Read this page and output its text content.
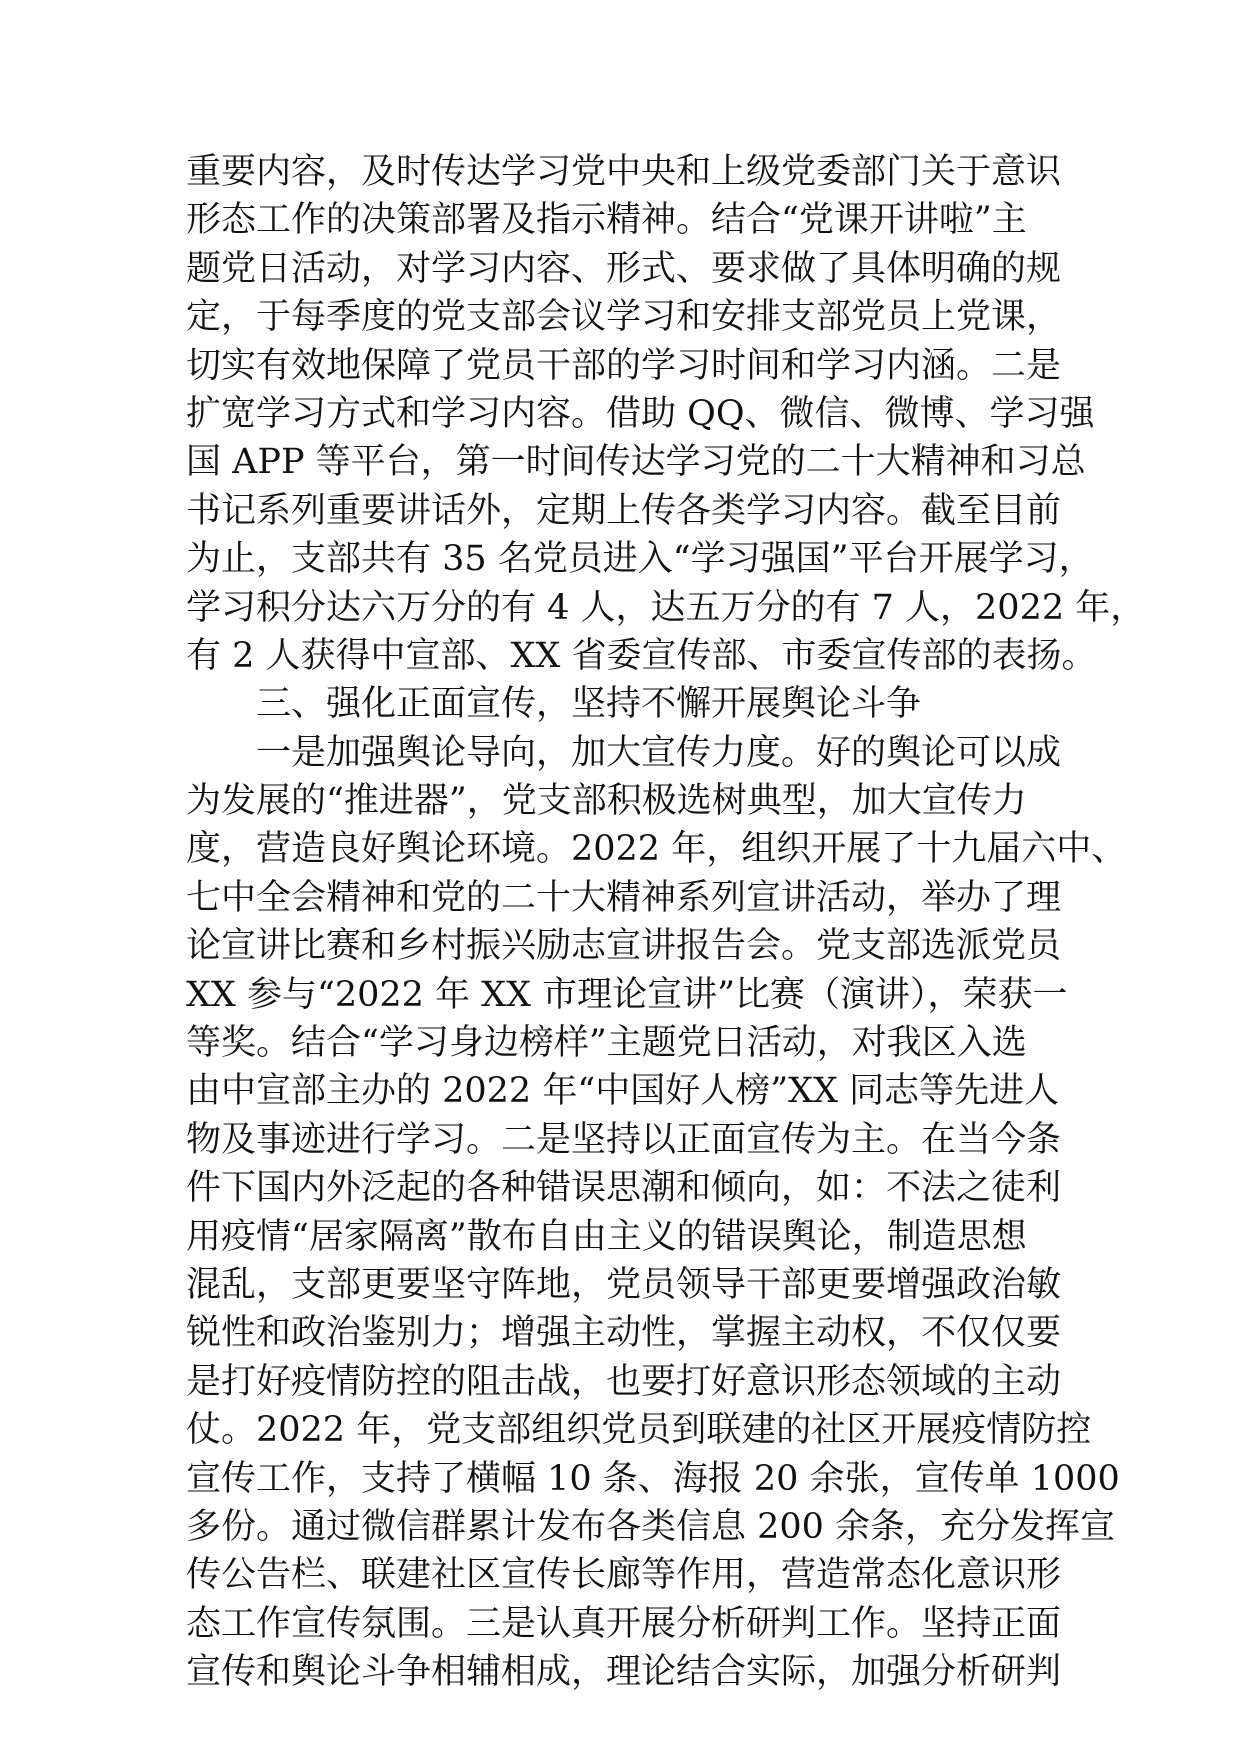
重要内容，及时传达学习党中央和上级党委部门关于意识
形态工作的决策部署及指示精神。结合“党课开讲啦”主
题党日活动，对学习内容、形式、要求做了具体明确的规
定，于每季度的党支部会议学习和安排支部党员上党课，
切实有效地保障了党员干部的学习时间和学习内涵。二是
扩宽学习方式和学习内容。借助 QQ、微信、微博、学习强
国 APP 等平台，第一时间传达学习党的二十大精神和习总
书记系列重要讲话外，定期上传各类学习内容。截至目前
为止，支部共有 35 名党员进入“学习强国”平台开展学习，
学习积分达六万分的有 4 人，达五万分的有 7 人，2022 年，
有 2 人获得中宣部、XX 省委宣传部、市委宣传部的表扬。
三、强化正面宣传，坚持不懈开展舆论斗争
一是加强舆论导向，加大宣传力度。好的舆论可以成
为发展的“推进器”，党支部积极选树典型，加大宣传力
度，营造良好舆论环境。2022 年，组织开展了十九届六中、
七中全会精神和党的二十大精神系列宣讲活动，举办了理
论宣讲比赛和乡村振兴励志宣讲报告会。党支部选派党员
XX 参与“2022 年 XX 市理论宣讲”比赛（演讲），荣获一
等奖。结合“学习身边榜样”主题党日活动，对我区入选
由中宣部主办的 2022 年“中国好人榜”XX 同志等先进人
物及事迹进行学习。二是坚持以正面宣传为主。在当今条
件下国内外泛起的各种错误思潮和倾向，如：不法之徒利
用疫情“居家隔离”散布自由主义的错误舆论，制造思想
混乱，支部更要坚守阵地，党员领导干部更要增强政治敏
锐性和政治鉴别力；增强主动性，掌握主动权，不仅仅要
是打好疫情防控的阻击战，也要打好意识形态领域的主动
仗。2022 年，党支部组织党员到联建的社区开展疫情防控
宣传工作，支持了横幅 10 条、海报 20 余张，宣传单 1000
多份。通过微信群累计发布各类信息 200 余条，充分发挥宣
传公告栏、联建社区宣传长廊等作用，营造常态化意识形
态工作宣传氛围。三是认真开展分析研判工作。坚持正面
宣传和舆论斗争相辅相成，理论结合实际，加强分析研判
